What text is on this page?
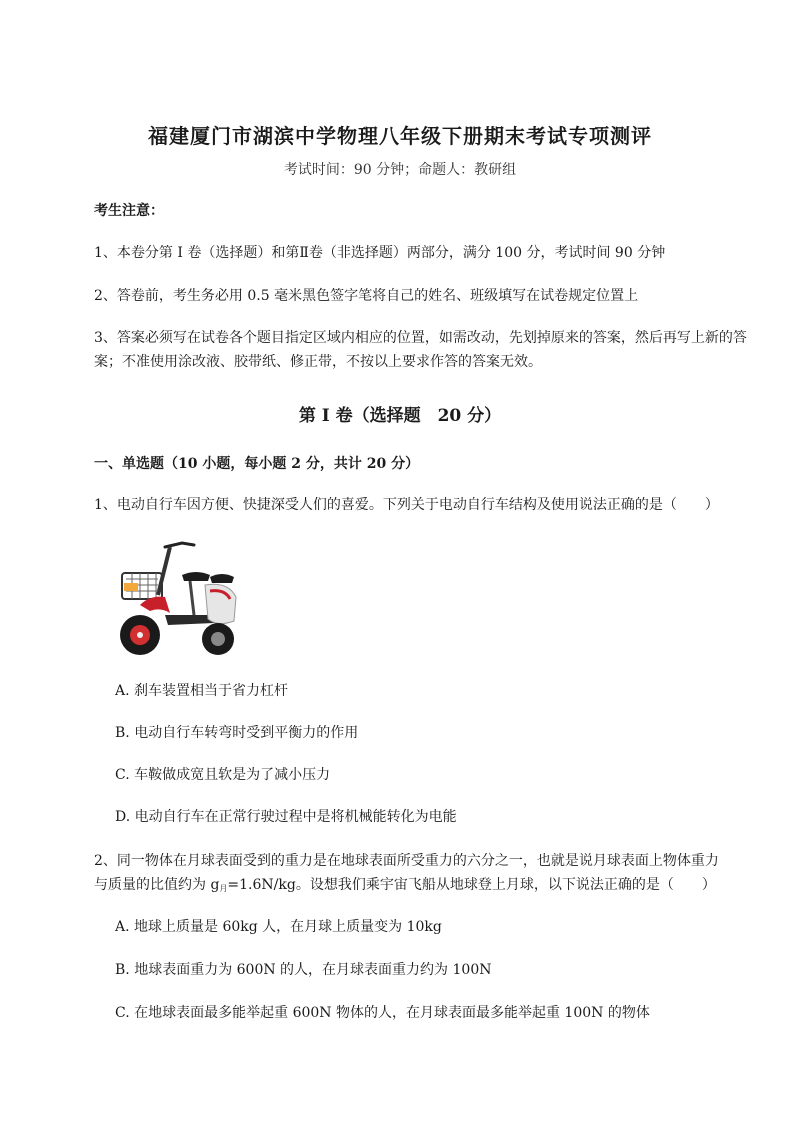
福建厦门市湖滨中学物理八年级下册期末考试专项测评
考试时间：90 分钟；命题人：教研组
考生注意：
1、本卷分第 I 卷（选择题）和第Ⅱ卷（非选择题）两部分，满分 100 分，考试时间 90 分钟
2、答卷前，考生务必用 0.5 毫米黑色签字笔将自己的姓名、班级填写在试卷规定位置上
3、答案必须写在试卷各个题目指定区域内相应的位置，如需改动，先划掉原来的答案，然后再写上新的答案；不准使用涂改液、胶带纸、修正带，不按以上要求作答的答案无效。
第 I 卷（选择题　20 分）
一、单选题（10 小题，每小题 2 分，共计 20 分）
1、电动自行车因方便、快捷深受人们的喜爱。下列关于电动自行车结构及使用说法正确的是（　　）
A. 刹车装置相当于省力杠杆
B. 电动自行车转弯时受到平衡力的作用
C. 车鞍做成宽且软是为了减小压力
D. 电动自行车在正常行驶过程中是将机械能转化为电能
2、同一物体在月球表面受到的重力是在地球表面所受重力的六分之一，也就是说月球表面上物体重力
与质量的比值约为 $g_月=1.6N/kg$。设想我们乘宇宙飞船从地球登上月球，以下说法正确的是（　　）
A. 地球上质量是 60kg 人，在月球上质量变为 10kg
B. 地球表面重力为 600N 的人，在月球表面重力约为 100N
C. 在地球表面最多能举起重 600N 物体的人，在月球表面最多能举起重 100N 的物体
